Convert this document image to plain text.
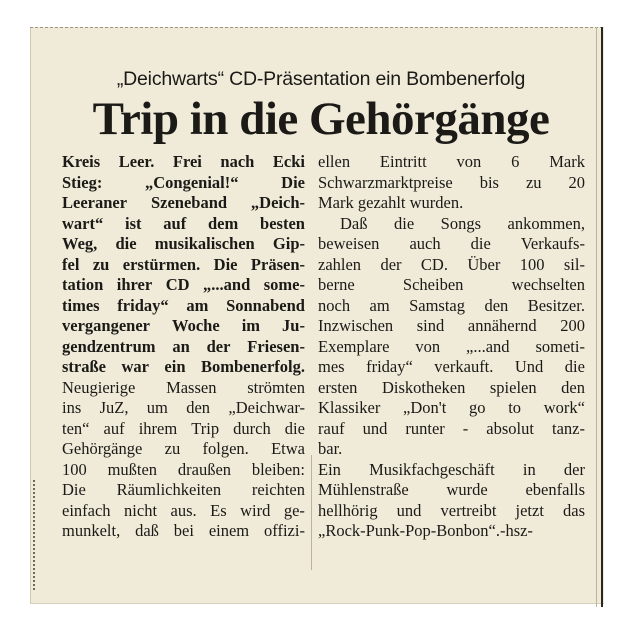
„Deichwarts“ CD-Präsentation ein Bombenerfolg
Trip in die Gehörgänge
Kreis Leer. Frei nach Ecki
Stieg:	„Congenial!“	Die
Leeraner Szeneband „Deich-
wart“ ist auf dem besten
Weg, die musikalischen Gip-
fel zu erstürmen. Die Präsen-
tation ihrer CD „...and some-
times friday“ am Sonnabend
vergangener Woche im Ju-
gendzentrum an der Friesen-
straße war ein Bombenerfolg.
Neugierige Massen strömten
ins JuZ, um den „Deichwar-
ten“ auf ihrem Trip durch die
Gehörgänge zu folgen. Etwa
100 mußten draußen bleiben:
Die Räumlichkeiten reichten
einfach nicht aus. Es wird ge-
munkelt, daß bei einem offizi-
ellen Eintritt von 6 Mark
Schwarzmarktpreise bis zu 20
Mark gezahlt wurden.
Daß die Songs ankommen,
beweisen auch die Verkaufs-
zahlen der CD. Über 100 sil-
berne	Scheiben	wechselten
noch am Samstag den Besitzer.
Inzwischen sind annähernd 200
Exemplare von „...and someti-
mes friday“ verkauft. Und die
ersten Diskotheken spielen den
Klassiker „Don't go to work“
rauf und runter - absolut tanz-
bar.
Ein Musikfachgeschäft in der
Mühlenstraße wurde ebenfalls
hellhörig und vertreibt jetzt das
„Rock-Punk-Pop-Bonbon“.-hsz-
